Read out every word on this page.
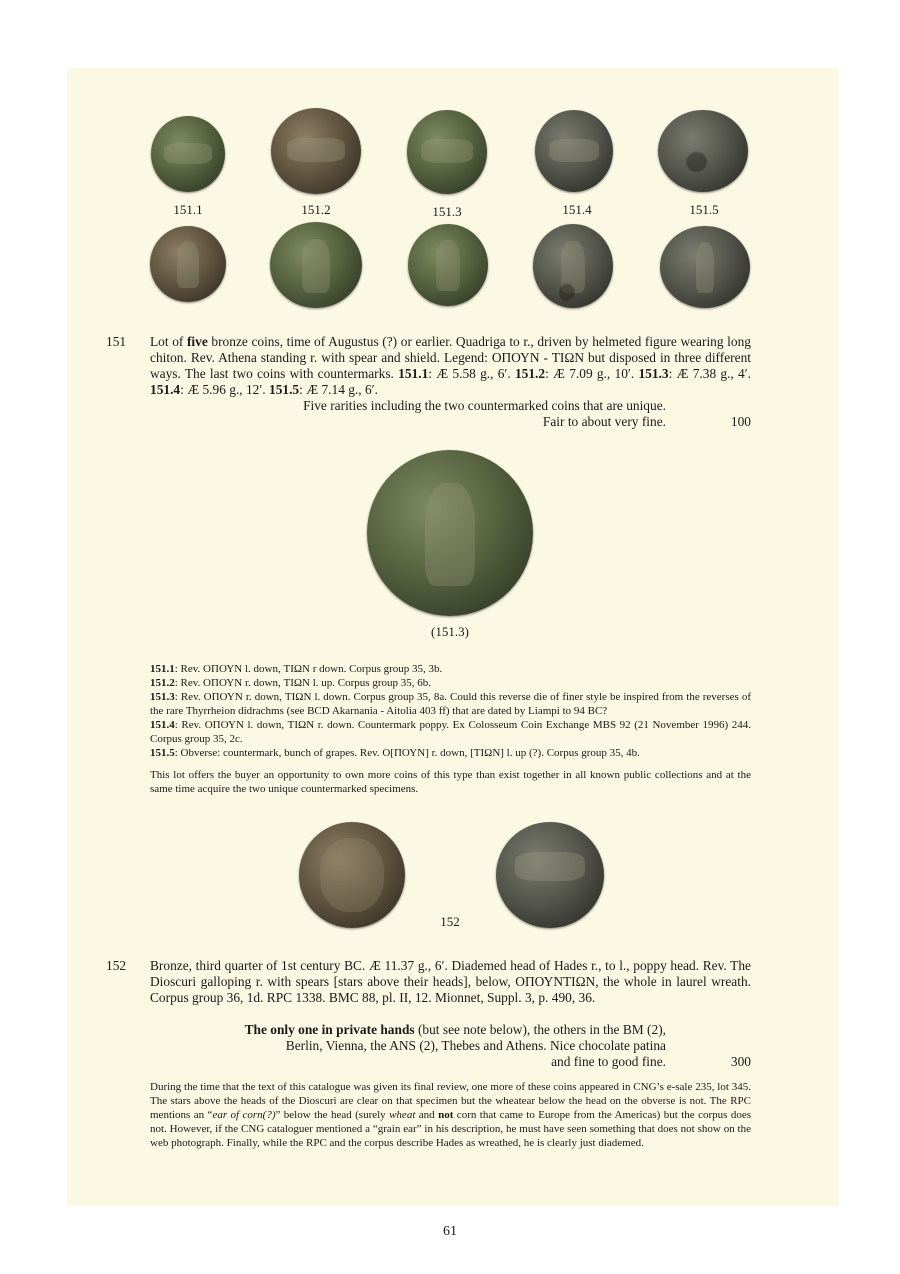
151.1	151.2	151.3	151.4	151.5
151 Lot of five bronze coins, time of Augustus (?) or earlier. Quadriga to r., driven by helmeted figure wearing long chiton. Rev. Athena standing r. with spear and shield. Legend: ΟΠΟΥΝ - ΤΙΩΝ but disposed in three different ways. The last two coins with countermarks. 151.1: Æ 5.58 g., 6′. 151.2: Æ 7.09 g., 10′. 151.3: Æ 7.38 g., 4′. 151.4: Æ 5.96 g., 12′. 151.5: Æ 7.14 g., 6′.
Five rarities including the two countermarked coins that are unique.
Fair to about very fine.	100
(151.3)

151.1: Rev. ΟΠΟΥΝ l. down, ΤΙΩΝ r down. Corpus group 35, 3b.

151.2: Rev. ΟΠΟΥΝ r. down, ΤΙΩΝ l. up. Corpus group 35, 6b.

151.3: Rev. ΟΠΟΥΝ r. down, ΤΙΩΝ l. down. Corpus group 35, 8a. Could this reverse die of finer style be inspired from the reverses of the rare Thyrrheion didrachms (see BCD Akarnania - Aitolia 403 ff) that are dated by Liampi to 94 BC?

151.4: Rev. ΟΠΟΥΝ l. down, ΤΙΩΝ r. down. Countermark poppy. Ex Colosseum Coin Exchange MBS 92 (21 November 1996) 244. Corpus group 35, 2c.

151.5: Obverse: countermark, bunch of grapes. Rev. Ο[ΠΟΥΝ] r. down, [ΤΙΩΝ] l. up (?). Corpus group 35, 4b.

This lot offers the buyer an opportunity to own more coins of this type than exist together in all known public collections and at the same time acquire the two unique countermarked specimens.
152
152 Bronze, third quarter of 1st century BC. Æ 11.37 g., 6′. Diademed head of Hades r., to l., poppy head. Rev. The Dioscuri galloping r. with spears [stars above their heads], below, ΟΠΟΥΝΤΙΩΝ, the whole in laurel wreath. Corpus group 36, 1d. RPC 1338. BMC 88, pl. II, 12. Mionnet, Suppl. 3, p. 490, 36.
The only one in private hands (but see note below), the others in the BM (2),
Berlin, Vienna, the ANS (2), Thebes and Athens. Nice chocolate patina
and fine to good fine.	300
During the time that the text of this catalogue was given its final review, one more of these coins appeared in CNG’s e-sale 235, lot 345. The stars above the heads of the Dioscuri are clear on that specimen but the wheatear below the head on the obverse is not. The RPC mentions an “ear of corn(?)” below the head (surely wheat and not corn that came to Europe from the Americas) but the corpus does not. However, if the CNG cataloguer mentioned a “grain ear” in his description, he must have seen something that does not show on the web photograph. Finally, while the RPC and the corpus describe Hades as wreathed, he is clearly just diademed.
61
